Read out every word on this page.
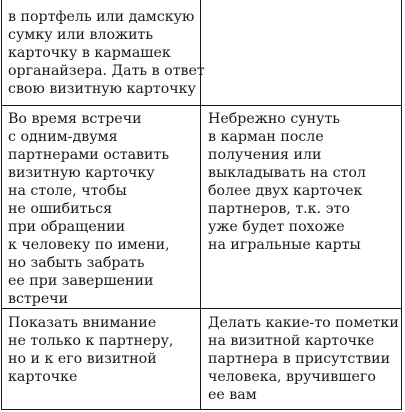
в портфель или дамскую
сумку или вложить
карточку в кармашек
органайзера. Дать в ответ
свою визитную карточку
Во время встречи
с одним-двумя
партнерами оставить
визитную карточку
на столе, чтобы
не ошибиться
при обращении
к человеку по имени,
но забыть забрать
ее при завершении
встречи
Небрежно сунуть
в карман после
получения или
выкладывать на стол
более двух карточек
партнеров, т.к. это
уже будет похоже
на игральные карты
Показать внимание
не только к партнеру,
но и к его визитной
карточке
Делать какие-то пометки
на визитной карточке
партнера в присутствии
человека, вручившего
ее вам
